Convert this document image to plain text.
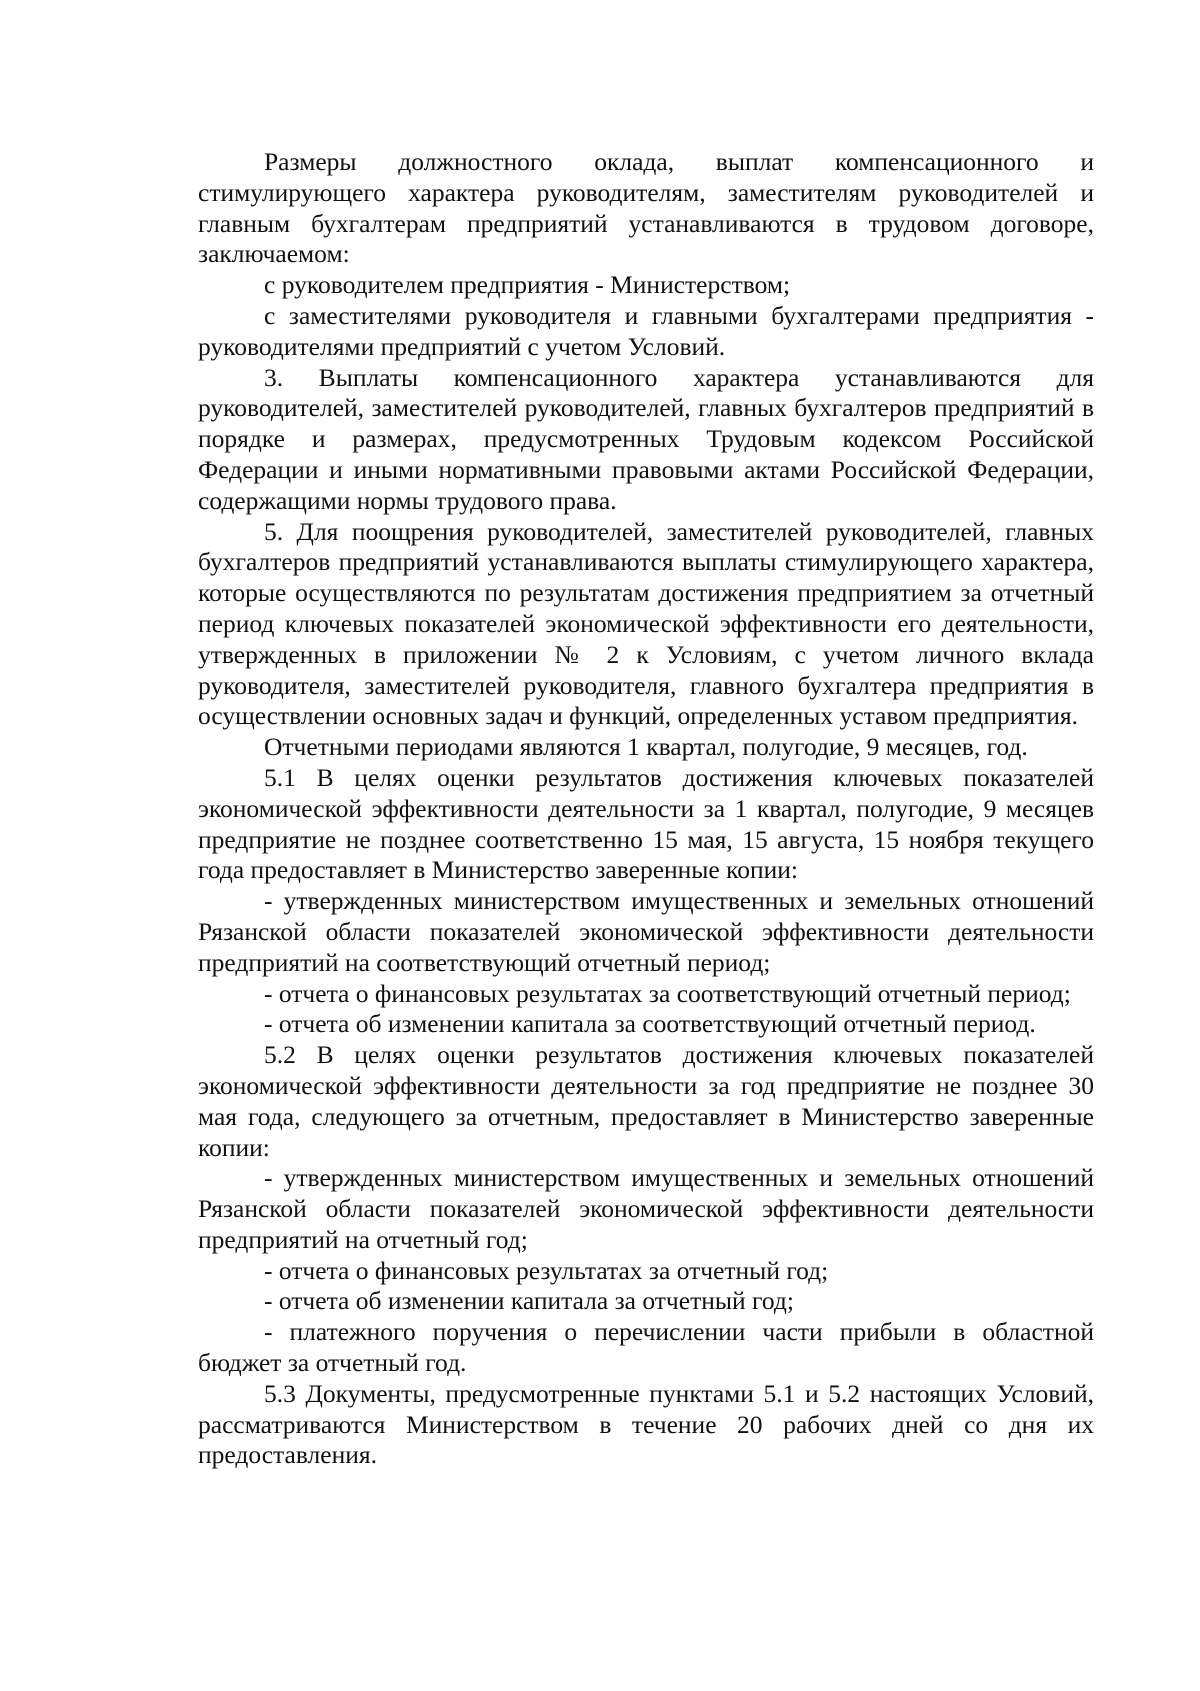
Размеры должностного оклада, выплат компенсационного и стимулирующего характера руководителям, заместителям руководителей и главным бухгалтерам предприятий устанавливаются в трудовом договоре, заключаемом:

с руководителем предприятия - Министерством;

с заместителями руководителя и главными бухгалтерами предприятия - руководителями предприятий с учетом Условий.

3. Выплаты компенсационного характера устанавливаются для руководителей, заместителей руководителей, главных бухгалтеров предприятий в порядке и размерах, предусмотренных Трудовым кодексом Российской Федерации и иными нормативными правовыми актами Российской Федерации, содержащими нормы трудового права.

5. Для поощрения руководителей, заместителей руководителей, главных бухгалтеров предприятий устанавливаются выплаты стимулирующего характера, которые осуществляются по результатам достижения предприятием за отчетный период ключевых показателей экономической эффективности его деятельности, утвержденных в приложении № 2 к Условиям, с учетом личного вклада руководителя, заместителей руководителя, главного бухгалтера предприятия в осуществлении основных задач и функций, определенных уставом предприятия.

Отчетными периодами являются 1 квартал, полугодие, 9 месяцев, год.

5.1 В целях оценки результатов достижения ключевых показателей экономической эффективности деятельности за 1 квартал, полугодие, 9 месяцев предприятие не позднее соответственно 15 мая, 15 августа, 15 ноября текущего года предоставляет в Министерство заверенные копии:

- утвержденных министерством имущественных и земельных отношений Рязанской области показателей экономической эффективности деятельности предприятий на соответствующий отчетный период;

- отчета о финансовых результатах за соответствующий отчетный период;

- отчета об изменении капитала за соответствующий отчетный период.

5.2 В целях оценки результатов достижения ключевых показателей экономической эффективности деятельности за год предприятие не позднее 30 мая года, следующего за отчетным, предоставляет в Министерство заверенные копии:

- утвержденных министерством имущественных и земельных отношений Рязанской области показателей экономической эффективности деятельности предприятий на отчетный год;

- отчета о финансовых результатах за отчетный год;

- отчета об изменении капитала за отчетный год;

- платежного поручения о перечислении части прибыли в областной бюджет за отчетный год.

5.3 Документы, предусмотренные пунктами 5.1 и 5.2 настоящих Условий, рассматриваются Министерством в течение 20 рабочих дней со дня их предоставления.
